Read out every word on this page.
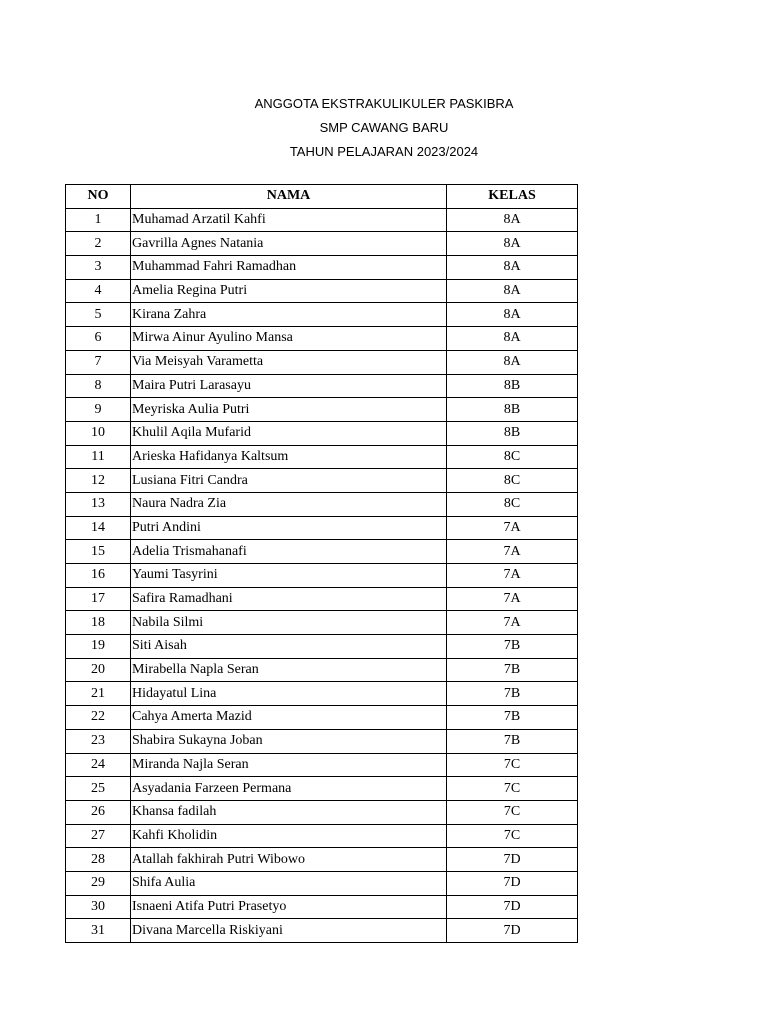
ANGGOTA EKSTRAKULIKULER PASKIBRA
SMP CAWANG BARU
TAHUN PELAJARAN 2023/2024
NO	NAMA	KELAS
1	Muhamad Arzatil Kahfi	8A
2	Gavrilla Agnes Natania	8A
3	Muhammad Fahri Ramadhan	8A
4	Amelia Regina Putri	8A
5	Kirana Zahra	8A
6	Mirwa Ainur Ayulino Mansa	8A
7	Via Meisyah Varametta	8A
8	Maira Putri Larasayu	8B
9	Meyriska Aulia Putri	8B
10	Khulil Aqila Mufarid	8B
11	Arieska Hafidanya Kaltsum	8C
12	Lusiana Fitri Candra	8C
13	Naura Nadra Zia	8C
14	Putri Andini	7A
15	Adelia Trismahanafi	7A
16	Yaumi Tasyrini	7A
17	Safira Ramadhani	7A
18	Nabila Silmi	7A
19	Siti Aisah	7B
20	Mirabella Napla Seran	7B
21	Hidayatul Lina	7B
22	Cahya Amerta Mazid	7B
23	Shabira Sukayna Joban	7B
24	Miranda Najla Seran	7C
25	Asyadania Farzeen Permana	7C
26	Khansa fadilah	7C
27	Kahfi Kholidin	7C
28	Atallah fakhirah Putri Wibowo	7D
29	Shifa Aulia	7D
30	Isnaeni Atifa Putri Prasetyo	7D
31	Divana Marcella Riskiyani	7D
